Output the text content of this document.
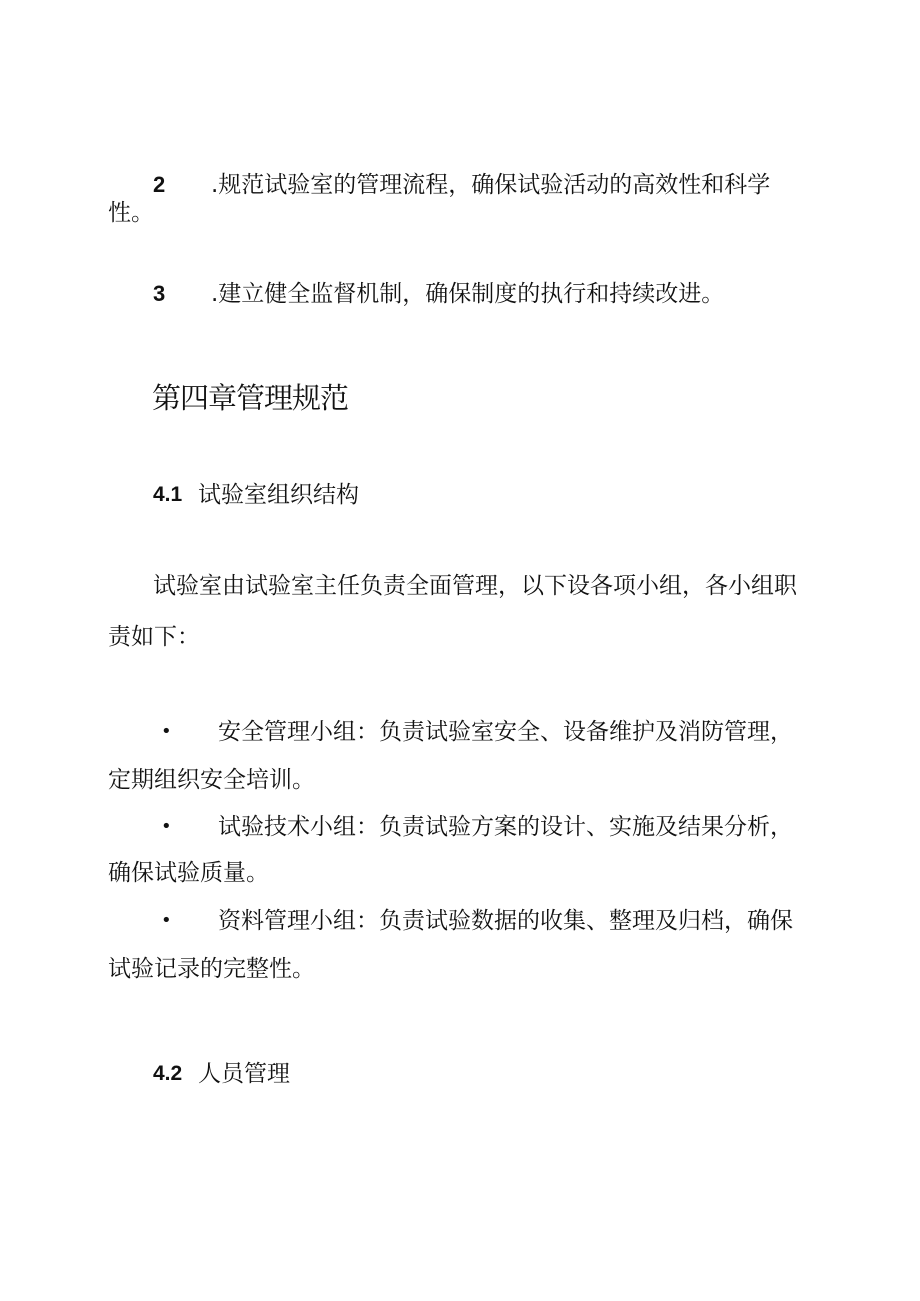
2 .规范试验室的管理流程，确保试验活动的高效性和科学
性。
3 .建立健全监督机制，确保制度的执行和持续改进。
第四章管理规范
4.1 试验室组织结构
试验室由试验室主任负责全面管理，以下设各项小组，各小组职
责如下：
• 安全管理小组：负责试验室安全、设备维护及消防管理，
定期组织安全培训。
• 试验技术小组：负责试验方案的设计、实施及结果分析，
确保试验质量。
• 资料管理小组：负责试验数据的收集、整理及归档，确保
试验记录的完整性。
4.2 人员管理
